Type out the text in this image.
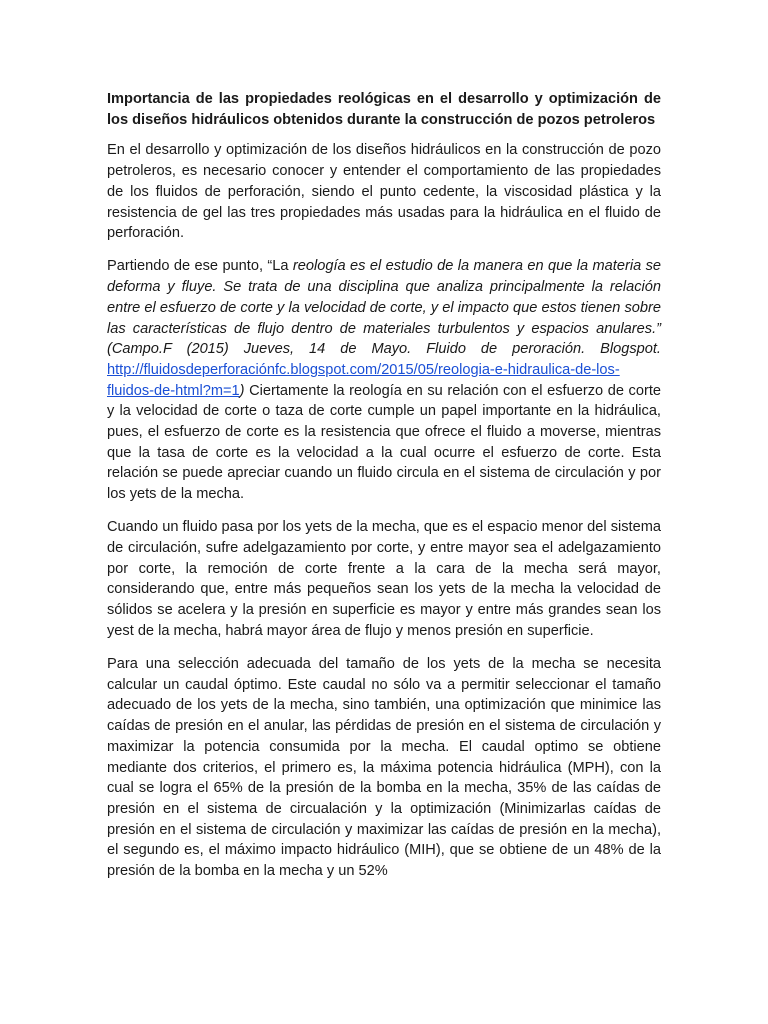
Importancia de las propiedades reológicas en el desarrollo y optimización de los diseños hidráulicos obtenidos durante la construcción de pozos petroleros

En el desarrollo y optimización de los diseños hidráulicos en la construcción de pozo petroleros, es necesario conocer y entender el comportamiento de las propiedades de los fluidos de perforación, siendo el punto cedente, la viscosidad plástica y la resistencia de gel las tres propiedades más usadas para la hidráulica en el fluido de perforación.

Partiendo de ese punto, “La reología es el estudio de la manera en que la materia se deforma y fluye. Se trata de una disciplina que analiza principalmente la relación entre el esfuerzo de corte y la velocidad de corte, y el impacto que estos tienen sobre las características de flujo dentro de materiales turbulentos y espacios anulares.” (Campo.F (2015) Jueves, 14 de Mayo. Fluido de peroración. Blogspot. http://fluidosdeperforaciónfc.blogspot.com/2015/05/reologia-e-hidraulica-de-los-fluidos-de-html?m=1) Ciertamente la reología en su relación con el esfuerzo de corte y la velocidad de corte o taza de corte cumple un papel importante en la hidráulica, pues, el esfuerzo de corte es la resistencia que ofrece el fluido a moverse, mientras que la tasa de corte es la velocidad a la cual ocurre el esfuerzo de corte. Esta relación se puede apreciar cuando un fluido circula en el sistema de circulación y por los yets de la mecha.

Cuando un fluido pasa por los yets de la mecha, que es el espacio menor del sistema de circulación, sufre adelgazamiento por corte, y entre mayor sea el adelgazamiento por corte, la remoción de corte frente a la cara de la mecha será mayor, considerando que, entre más pequeños sean los yets de la mecha la velocidad de sólidos se acelera y la presión en superficie es mayor y entre más grandes sean los yest de la mecha, habrá mayor área de flujo y menos presión en superficie.

Para una selección adecuada del tamaño de los yets de la mecha se necesita calcular un caudal óptimo. Este caudal no sólo va a permitir seleccionar el tamaño adecuado de los yets de la mecha, sino también, una optimización que minimice las caídas de presión en el anular, las pérdidas de presión en el sistema de circulación y maximizar la potencia consumida por la mecha. El caudal optimo se obtiene mediante dos criterios, el primero es, la máxima potencia hidráulica (MPH), con la cual se logra el 65% de la presión de la bomba en la mecha, 35% de las caídas de presión en el sistema de circualación y la optimización (Minimizarlas caídas de presión en el sistema de circulación y maximizar las caídas de presión en la mecha), el segundo es, el máximo impacto hidráulico (MIH), que se obtiene de un 48% de la presión de la bomba en la mecha y un 52%
